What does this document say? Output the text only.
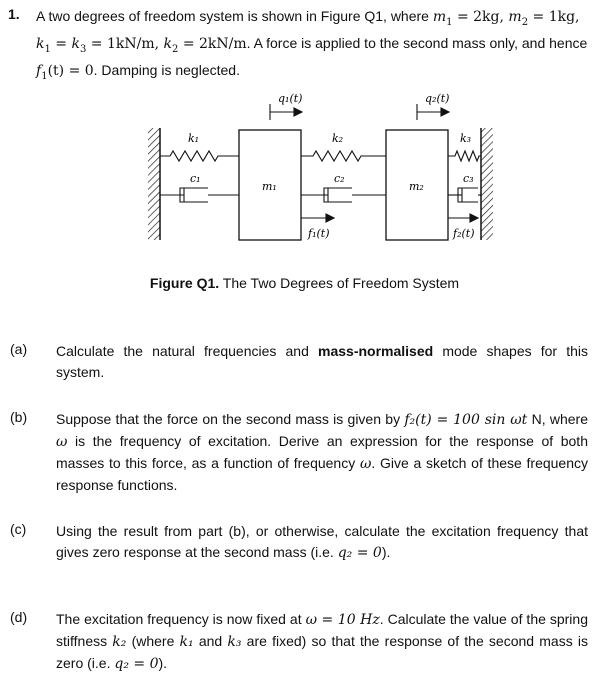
1. A two degrees of freedom system is shown in Figure Q1, where $m_1 = 2kg$, $m_2 = 1kg$,
$k_1 = k_3 = 1kN/m$, $k_2 = 2kN/m$. A force is applied to the second mass only, and hence
$f_1(t) = 0$. Damping is neglected.
q₁(t)	q₂(t)
k₁	k₂	k₃
c₁	c₂	c₃
m₁	m₂
f₁(t)	f₂(t)
Figure Q1. The Two Degrees of Freedom System
(a) Calculate the natural frequencies and mass-normalised mode shapes for this system.
(b) Suppose that the force on the second mass is given by f₂(t) = 100 sin ωt N, where ω is the frequency of excitation. Derive an expression for the response of both masses to this force, as a function of frequency ω. Give a sketch of these frequency response functions.
(c) Using the result from part (b), or otherwise, calculate the excitation frequency that gives zero response at the second mass (i.e. q₂ = 0).
(d) The excitation frequency is now fixed at ω = 10 Hz. Calculate the value of the spring stiffness k₂ (where k₁ and k₃ are fixed) so that the response of the second mass is zero (i.e. q₂ = 0).
